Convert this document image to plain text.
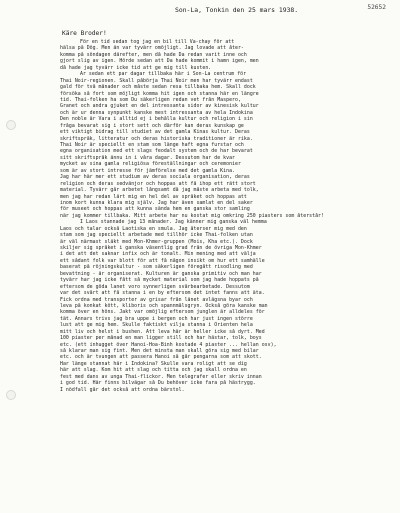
Son-La, Tonkin den 25 mars 1938.	52652
Käre Broder!
För en tid sedan tog jag en bil till Va-chay för att
hälsa på Dög. Men än var tyvärr omöjligt. Jag lovade att åter-
komma på söndagen därefter, men då hade Da redan varit inne och
gjort slig av igen. Hörde sedan att Da hade kommit i hamn igen, men
då hade jag tyvärr icke tid att ge mig till kusten.
Är sedan ett par dagar tillbaka här i Son-La centrum för
Thai Noir-regionen. Skall påbörja Thai Noir men har tyvärr endast
gald för två månader och måste sedan resa tillbaka hem. Skall dock
försöka så fort som möjligt komma hit igen och stanna här en längre
tid. Thai-folken ha som Du säkerligen redan vet från Maspero,
Granet och andra gjuket en del intressanta sidor av kinesisk kultur
och är ur denna synpunkt kanske mest intressanta av hela Indokina
Den noble är Vara i alltid ej i behålla kultur och religion i sin
fråga bevarat sig i stort sett och därför kan deras kunskap ge
ett viktigt bidrag till studiet av det gamla Kinas kultur. Deras
skriftspråk, litteratur och deras historiska traditioner är rika.
Thai Noir är speciellt en stam som länge haft egna furstar och
egna organisation med ett slags feodalt system och de har bevarat
sitt skriftspråk ännu in i våra dagar. Dessutom har de kvar
mycket av sina gamla religiösa föreställningar och ceremonier
som är av stort intresse för jämförelse med det gamla Kina.
Jag har här mer ett studium av deras sociala organisation, deras
religion och deras sedvänjor och hoppas att få ihop ett rätt stort
material. Tyvärr går arbetet långsamt då jag måste arbeta med tolk,
men jag har redan lärt mig en hel del av språket och hoppas att
inom kort kunna klara mig själv. Jag har även samlat en del saker
för museet och hoppas att kunna sända hem en ganska stor samling
när jag kommer tillbaka. Mitt arbete har nu kostat mig omkring 250 piasters som återstår!
I Laos stannade jag 13 månader. Jag känner mig ganska väl hemma
Laos och talar också Laotiska en smula. Jag återser mig med den
stam som jag speciellt arbetade med tillhör icke Thai-folken utan
är väl närmast släkt med Mon-Khmer-gruppen (Mois, Kha etc.). Dock
skiljer sig språket i ganska väsentlig grad från de övriga Mon-Khmer
i det att det saknar infix och är tonalt. Min mening med att välja
ett sådant folk var blott för att få någon insikt om hur ett samhälle
baserat på röjningskultur - som säkerligen föregått risodling med
bevattning - är organiserat. Kulturen är ganska primitiv och man har
tyvärr har jag icke fått så mycket material som jag hade hoppats på
eftersom de göda lanet voro synnerligen svårbearbetade. Dessutom
var det svårt att få stanna i en by eftersom det intet fanns att äta.
Fick ordna med transporter av grisar från länet avlägsna byar och
leva på konkat kött, kliboris och spannmålsgryn. Också göra kanske man
komma över en höns. Jakt var omöjlig eftersom junglen är alldeles för
tät. Annars trivs jag bra uppe i bergen och har just ingen större
lust att ge mig hem. Skulle faktiskt vilja stanna i Orienten hela
mitt liv och helst i bushen. Att leva här är heller icke så dyrt. Med
100 piaster per månad en man ligger still och har hästar, tolk, boys
etc. (ett inhugget över Hanoi-Hoa-Binh kostade 4 piaster ... hellan osv),
så klarar man sig fint. Men det minsta man skall göra sig med bilar
etc. och är tvungen att passera Hanoi så går pengarna som att skott.
Har länge stannat här i Indokina? Skulle vara roligt att se dig
här att slag. Kom hit att slag och titta och jag skall ordna en
fest med dans av unga Thai-flickor. Men telegrafer eller skriv innan
i god tid. Här finns bilvägar så Du behöver icke fara på hästrygg.
I nödfall går det också att ordna bärstol.
